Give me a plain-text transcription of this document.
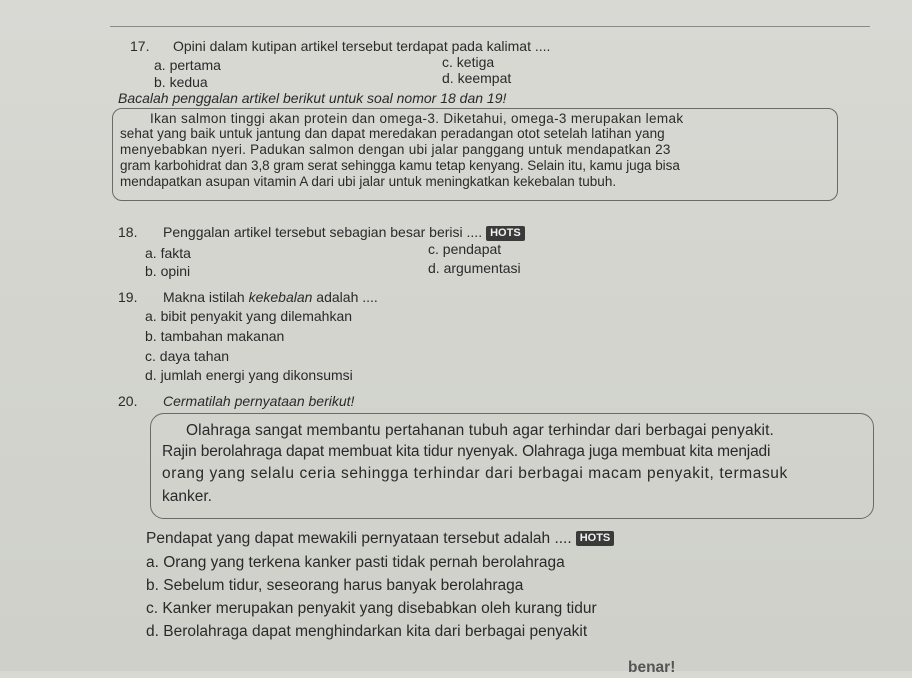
17. Opini dalam kutipan artikel tersebut terdapat pada kalimat ....
a. pertama
b. kedua
c. ketiga
d. keempat
Bacalah penggalan artikel berikut untuk soal nomor 18 dan 19!
Ikan salmon tinggi akan protein dan omega-3. Diketahui, omega-3 merupakan lemak
sehat yang baik untuk jantung dan dapat meredakan peradangan otot setelah latihan yang
menyebabkan nyeri. Padukan salmon dengan ubi jalar panggang untuk mendapatkan 23
gram karbohidrat dan 3,8 gram serat sehingga kamu tetap kenyang. Selain itu, kamu juga bisa
mendapatkan asupan vitamin A dari ubi jalar untuk meningkatkan kekebalan tubuh.
18. Penggalan artikel tersebut sebagian besar berisi .... HOTS
a. fakta
b. opini
c. pendapat
d. argumentasi
19. Makna istilah kekebalan adalah ....
a. bibit penyakit yang dilemahkan
b. tambahan makanan
c. daya tahan
d. jumlah energi yang dikonsumsi
20. Cermatilah pernyataan berikut!
Olahraga sangat membantu pertahanan tubuh agar terhindar dari berbagai penyakit.
Rajin berolahraga dapat membuat kita tidur nyenyak. Olahraga juga membuat kita menjadi
orang yang selalu ceria sehingga terhindar dari berbagai macam penyakit, termasuk
kanker.
Pendapat yang dapat mewakili pernyataan tersebut adalah .... HOTS
a. Orang yang terkena kanker pasti tidak pernah berolahraga
b. Sebelum tidur, seseorang harus banyak berolahraga
c. Kanker merupakan penyakit yang disebabkan oleh kurang tidur
d. Berolahraga dapat menghindarkan kita dari berbagai penyakit
benar!
